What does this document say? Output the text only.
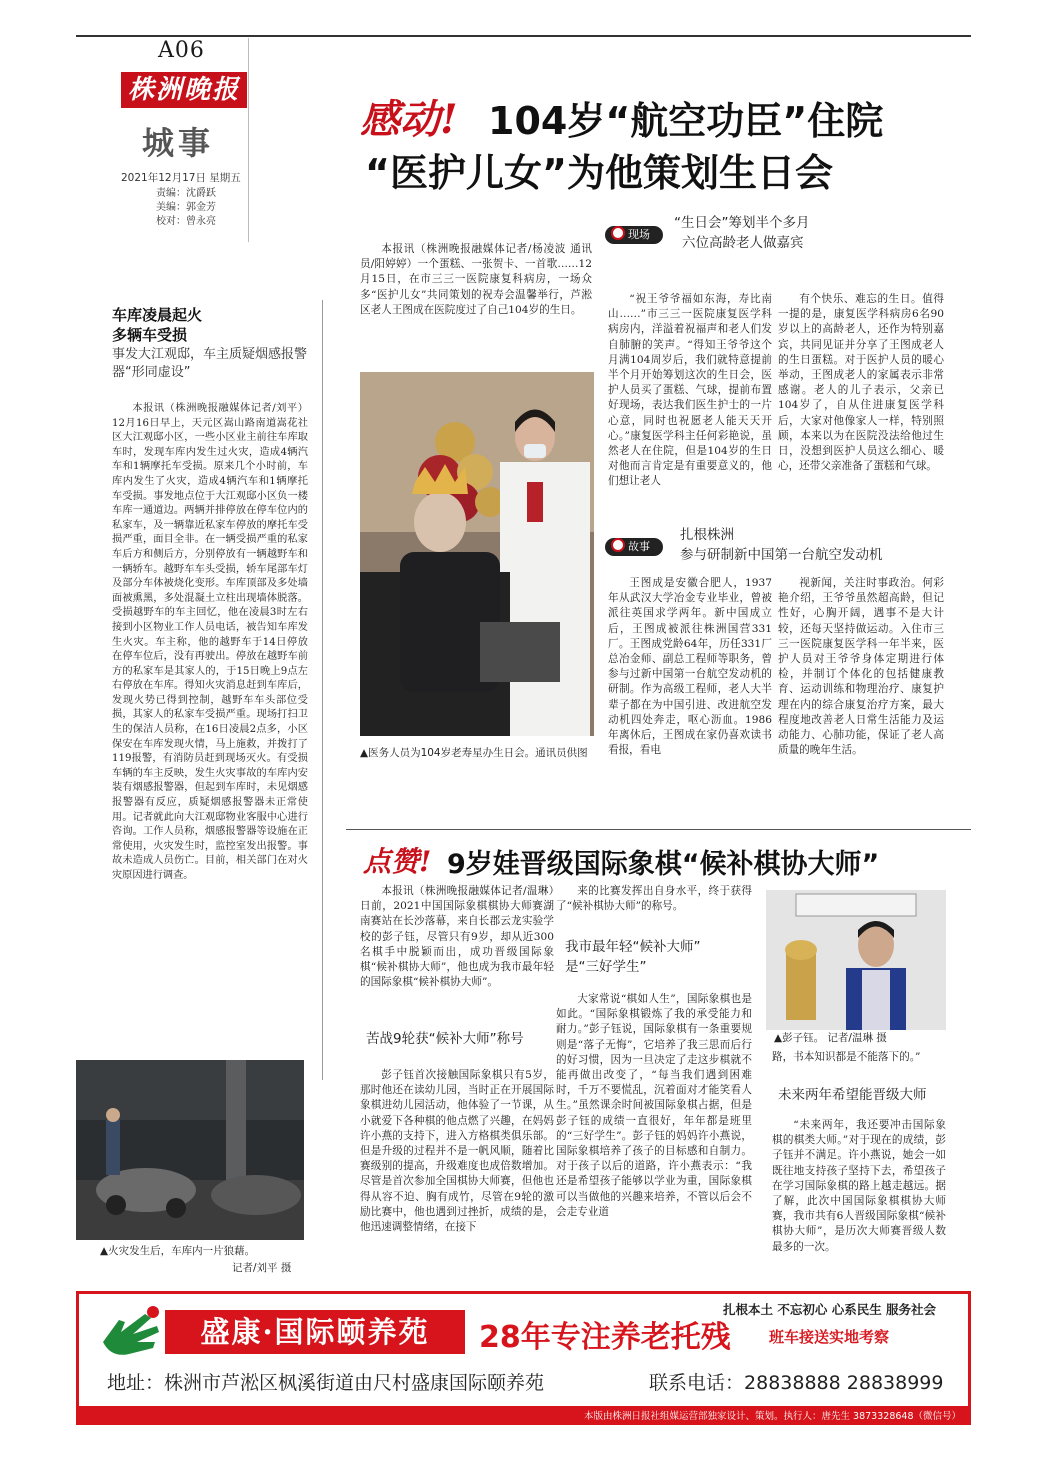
A06
株洲晚报
城事
2021年12月17日 星期五
责编：沈爵跃
美编：郭金芳
校对：曾永亮
感动! 104岁“航空功臣”住院
“医护儿女”为他策划生日会

本报讯（株洲晚报融媒体记者/杨凌波 通讯员/阳婷婷）一个蛋糕、一张贺卡、一首歌……12月15日，在市三三一医院康复科病房，一场众多“医护儿女”共同策划的祝寿会温馨举行，芦淞区老人王图成在医院度过了自己104岁的生日。

▲医务人员为104岁老寿星办生日会。通讯员供图
现场
“生日会”筹划半个多月
六位高龄老人做嘉宾

“祝王爷爷福如东海，寿比南山……”市三三一医院康复医学科病房内，洋溢着祝福声和老人们发自肺腑的笑声。“得知王爷爷这个月满104周岁后，我们就特意提前半个月开始筹划这次的生日会，医护人员买了蛋糕、气球，提前布置好现场，表达我们医生护士的一片心意，同时也祝愿老人能天天开心。”康复医学科主任何彩艳说，虽然老人在住院，但是104岁的生日对他而言肯定是有重要意义的，他们想让老人

有个快乐、难忘的生日。值得一提的是，康复医学科病房6名90岁以上的高龄老人，还作为特别嘉宾，共同见证并分享了王图成老人的生日蛋糕。对于医护人员的暖心举动，王图成老人的家属表示非常感谢。老人的儿子表示，父亲已104岁了，自从住进康复医学科后，大家对他像家人一样，特别照顾，本来以为在医院没法给他过生日，没想到医护人员这么细心、暖心，还带父亲准备了蛋糕和气球。

故事
扎根株洲
参与研制新中国第一台航空发动机

王图成是安徽合肥人，1937年从武汉大学冶金专业毕业，曾被派往英国求学两年。新中国成立后，王图成被派往株洲国营331厂。王图成党龄64年，历任331厂总冶金师、副总工程师等职务，曾参与过新中国第一台航空发动机的研制。作为高级工程师，老人大半辈子都在为中国引进、改进航空发动机四处奔走，呕心沥血。1986年离休后，王图成在家仍喜欢读书看报，看电

视新闻，关注时事政治。何彩艳介绍，王爷爷虽然超高龄，但记性好，心胸开阔，遇事不是大计较，还每天坚持做运动。入住市三三一医院康复医学科一年半来，医护人员对王爷爷身体定期进行体检，并制订个体化的包括健康教育、运动训练和物理治疗、康复护理在内的综合康复治疗方案，最大程度地改善老人日常生活能力及运动能力、心肺功能，保证了老人高质量的晚年生活。

车库凌晨起火
多辆车受损
事发大江观邸，车主质疑烟感报警器“形同虚设”

本报讯（株洲晚报融媒体记者/刘平）12月16日早上，天元区嵩山路南道嵩花社区大江观邸小区，一些小区业主前往车库取车时，发现车库内发生过火灾，造成4辆汽车和1辆摩托车受损。原来几个小时前，车库内发生了火灾，造成4辆汽车和1辆摩托车受损。事发地点位于大江观邸小区负一楼车库一通道边。两辆并排停放在停车位内的私家车，及一辆靠近私家车停放的摩托车受损严重，面目全非。在一辆受损严重的私家车后方和侧后方，分别停放有一辆越野车和一辆轿车。越野车车头受损，轿车尾部车灯及部分车体被烧化变形。车库顶部及多处墙面被熏黑，多处混凝土立柱出现墙体脱落。受损越野车的车主回忆，他在凌晨3时左右接到小区物业工作人员电话，被告知车库发生火灾。车主称，他的越野车于14日停放在停车位后，没有再驶出。停放在越野车前方的私家车是其家人的，于15日晚上9点左右停放在车库。得知火灾消息赶到车库后，发现火势已得到控制，越野车车头部位受损，其家人的私家车受损严重。现场打扫卫生的保洁人员称，在16日凌晨2点多，小区保安在车库发现火情，马上施救，并拨打了119报警，有消防员赶到现场灭火。有受损车辆的车主反映，发生火灾事故的车库内安装有烟感报警器，但起到车库时，未见烟感报警器有反应，质疑烟感报警器未正常使用。记者就此向大江观邸物业客服中心进行咨询。工作人员称，烟感报警器等设施在正常使用，火灾发生时，监控室发出报警。事故未造成人员伤亡。目前，相关部门在对火灾原因进行调查。

▲火灾发生后，车库内一片狼藉。
记者/刘平 摄
点赞! 9岁娃晋级国际象棋“候补棋协大师”

本报讯（株洲晚报融媒体记者/温琳）日前，2021中国国际象棋棋协大师赛湖南赛站在长沙落幕，来自长郡云龙实验学校的彭子钰，尽管只有9岁，却从近300名棋手中脱颖而出，成功晋级国际象棋“候补棋协大师”，他也成为我市最年轻的国际象棋“候补棋协大师”。

苦战9轮获“候补大师”称号

彭子钰首次接触国际象棋只有5岁，那时他还在读幼儿园，当时正在开展国际象棋进幼儿园活动，他体验了一节课，从小就爱下各种棋的他点燃了兴趣，在妈妈许小燕的支持下，进入方格棋类俱乐部。但是升级的过程并不是一帆风顺，随着比赛级别的提高，升级难度也成倍数增加。尽管是首次参加全国棋协大师赛，但他也得从容不迫、胸有成竹，尽管在9轮的激励比赛中，他也遇到过挫折，成绩的是，他迅速调整情绪，在接下

来的比赛发挥出自身水平，终于获得了“候补棋协大师”的称号。

我市最年轻“候补大师”
是“三好学生”

大家常说“棋如人生”，国际象棋也是如此。“国际象棋锻炼了我的承受能力和耐力。”彭子钰说，国际象棋有一条重要规则是“落子无悔”，它培养了我三思而后行的好习惯，因为一旦决定了走这步棋就不能再做出改变了，“每当我们遇到困难时，千万不要慌乱，沉着面对才能笑看人生。”虽然课余时间被国际象棋占据，但是彭子钰的成绩一直很好，年年都是班里的“三好学生”。彭子钰的妈妈许小燕说，国际象棋培养了孩子的目标感和自制力。对于孩子以后的道路，许小燕表示：“我还是希望孩子能够以学业为重，国际象棋可以当做他的兴趣来培养，不管以后会不会走专业道

▲彭子钰。 记者/温琳 摄

路，书本知识都是不能落下的。”

未来两年希望能晋级大师

“未来两年，我还要冲击国际象棋的棋类大师。”对于现在的成绩，彭子钰并不满足。许小燕说，她会一如既往地支持孩子坚持下去，希望孩子在学习国际象棋的路上越走越远。据了解，此次中国国际象棋棋协大师赛，我市共有6人晋级国际象棋“候补棋协大师”，是历次大师赛晋级人数最多的一次。

盛康·国际颐养苑	28年专注养老托残
扎根本土 不忘初心 心系民生 服务社会
班车接送实地考察
地址：株洲市芦淞区枫溪街道由尺村盛康国际颐养苑	联系电话：28838888 28838999
本版由株洲日报社组媒运营部独家设计、策划。执行人：唐先生 3873328648（微信号）
